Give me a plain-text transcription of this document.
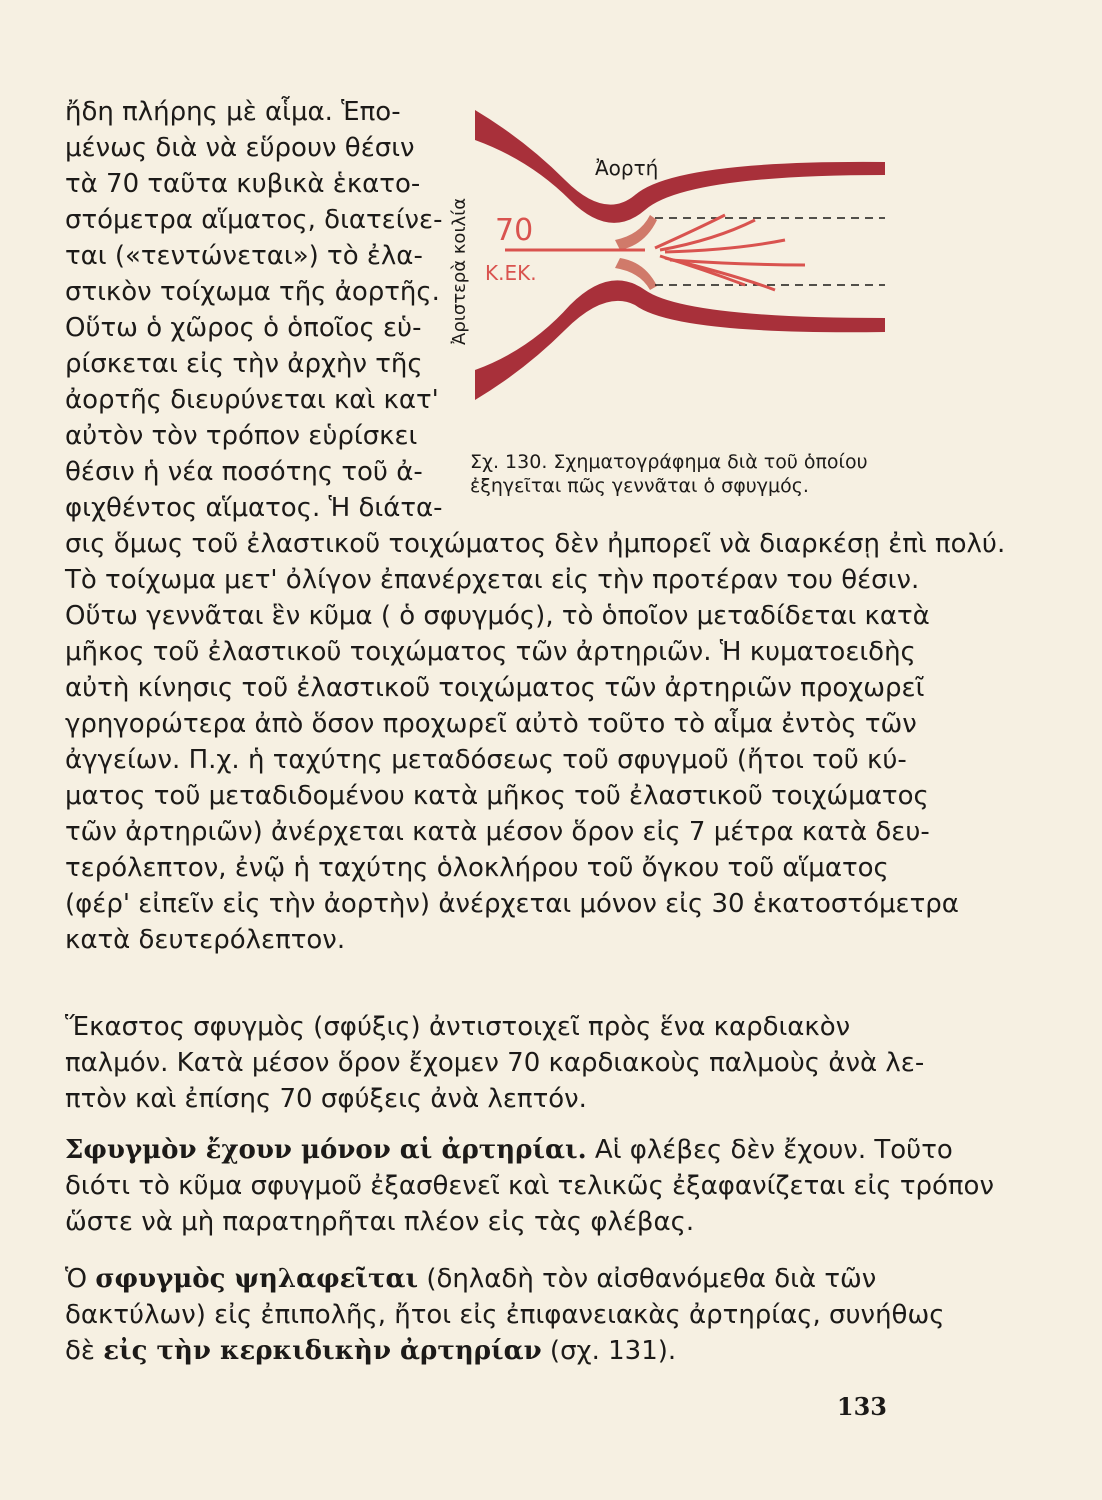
ἤδη πλήρης μὲ αἷμα. Ἑπο-

μένως διὰ νὰ εὕρουν θέσιν

τὰ 70 ταῦτα κυβικὰ ἑκατο-

στόμετρα αἵματος, διατείνε-

ται («τεντώνεται») τὸ ἐλα-

στικὸν τοίχωμα τῆς ἀορτῆς.

Οὕτω ὁ χῶρος ὁ ὁποῖος εὑ-

ρίσκεται εἰς τὴν ἀρχὴν τῆς

ἀορτῆς διευρύνεται καὶ κατ'

αὐτὸν τὸν τρόπον εὑρίσκει

θέσιν ἡ νέα ποσότης τοῦ ἀ-

φιχθέντος αἵματος. Ἡ διάτα-

Ἀορτή
70
Κ.ΕΚ.
Ἀριστερὰ κοιλία
Σχ. 130. Σχηματογράφημα διὰ τοῦ ὁποίου
ἐξηγεῖται πῶς γεννᾶται ὁ σφυγμός.

σις ὅμως τοῦ ἐλαστικοῦ τοιχώματος δὲν ἠμπορεῖ νὰ διαρκέσῃ ἐπὶ πολύ.

Τὸ τοίχωμα μετ' ὀλίγον ἐπανέρχεται εἰς τὴν προτέραν του θέσιν.

Οὕτω γεννᾶται ἓν κῦμα ( ὁ σφυγμός), τὸ ὁποῖον μεταδίδεται κατὰ

μῆκος τοῦ ἐλαστικοῦ τοιχώματος τῶν ἀρτηριῶν. Ἡ κυματοειδὴς

αὐτὴ κίνησις τοῦ ἐλαστικοῦ τοιχώματος τῶν ἀρτηριῶν προχωρεῖ

γρηγορώτερα ἀπὸ ὅσον προχωρεῖ αὐτὸ τοῦτο τὸ αἷμα ἐντὸς τῶν

ἀγγείων. Π.χ. ἡ ταχύτης μεταδόσεως τοῦ σφυγμοῦ (ἤτοι τοῦ κύ-

ματος τοῦ μεταδιδομένου κατὰ μῆκος τοῦ ἐλαστικοῦ τοιχώματος

τῶν ἀρτηριῶν) ἀνέρχεται κατὰ μέσον ὅρον εἰς 7 μέτρα κατὰ δευ-

τερόλεπτον, ἐνῷ ἡ ταχύτης ὁλοκλήρου τοῦ ὄγκου τοῦ αἵματος

(φέρ' εἰπεῖν εἰς τὴν ἀορτὴν) ἀνέρχεται μόνον εἰς 30 ἑκατοστόμετρα

κατὰ δευτερόλεπτον.

Ἕκαστος σφυγμὸς (σφύξις) ἀντιστοιχεῖ πρὸς ἕνα καρδιακὸν

παλμόν. Κατὰ μέσον ὅρον ἔχομεν 70 καρδιακοὺς παλμοὺς ἀνὰ λε-

πτὸν καὶ ἐπίσης 70 σφύξεις ἀνὰ λεπτόν.

Σφυγμὸν ἔχουν μόνον αἱ ἀρτηρίαι. Αἱ φλέβες δὲν ἔχουν. Τοῦτο

διότι τὸ κῦμα σφυγμοῦ ἐξασθενεῖ καὶ τελικῶς ἐξαφανίζεται εἰς τρόπον

ὥστε νὰ μὴ παρατηρῆται πλέον εἰς τὰς φλέβας.

Ὁ σφυγμὸς ψηλαφεῖται (δηλαδὴ τὸν αἰσθανόμεθα διὰ τῶν

δακτύλων) εἰς ἐπιπολῆς, ἤτοι εἰς ἐπιφανειακὰς ἀρτηρίας, συνήθως

δὲ εἰς τὴν κερκιδικὴν ἀρτηρίαν (σχ. 131).

133
